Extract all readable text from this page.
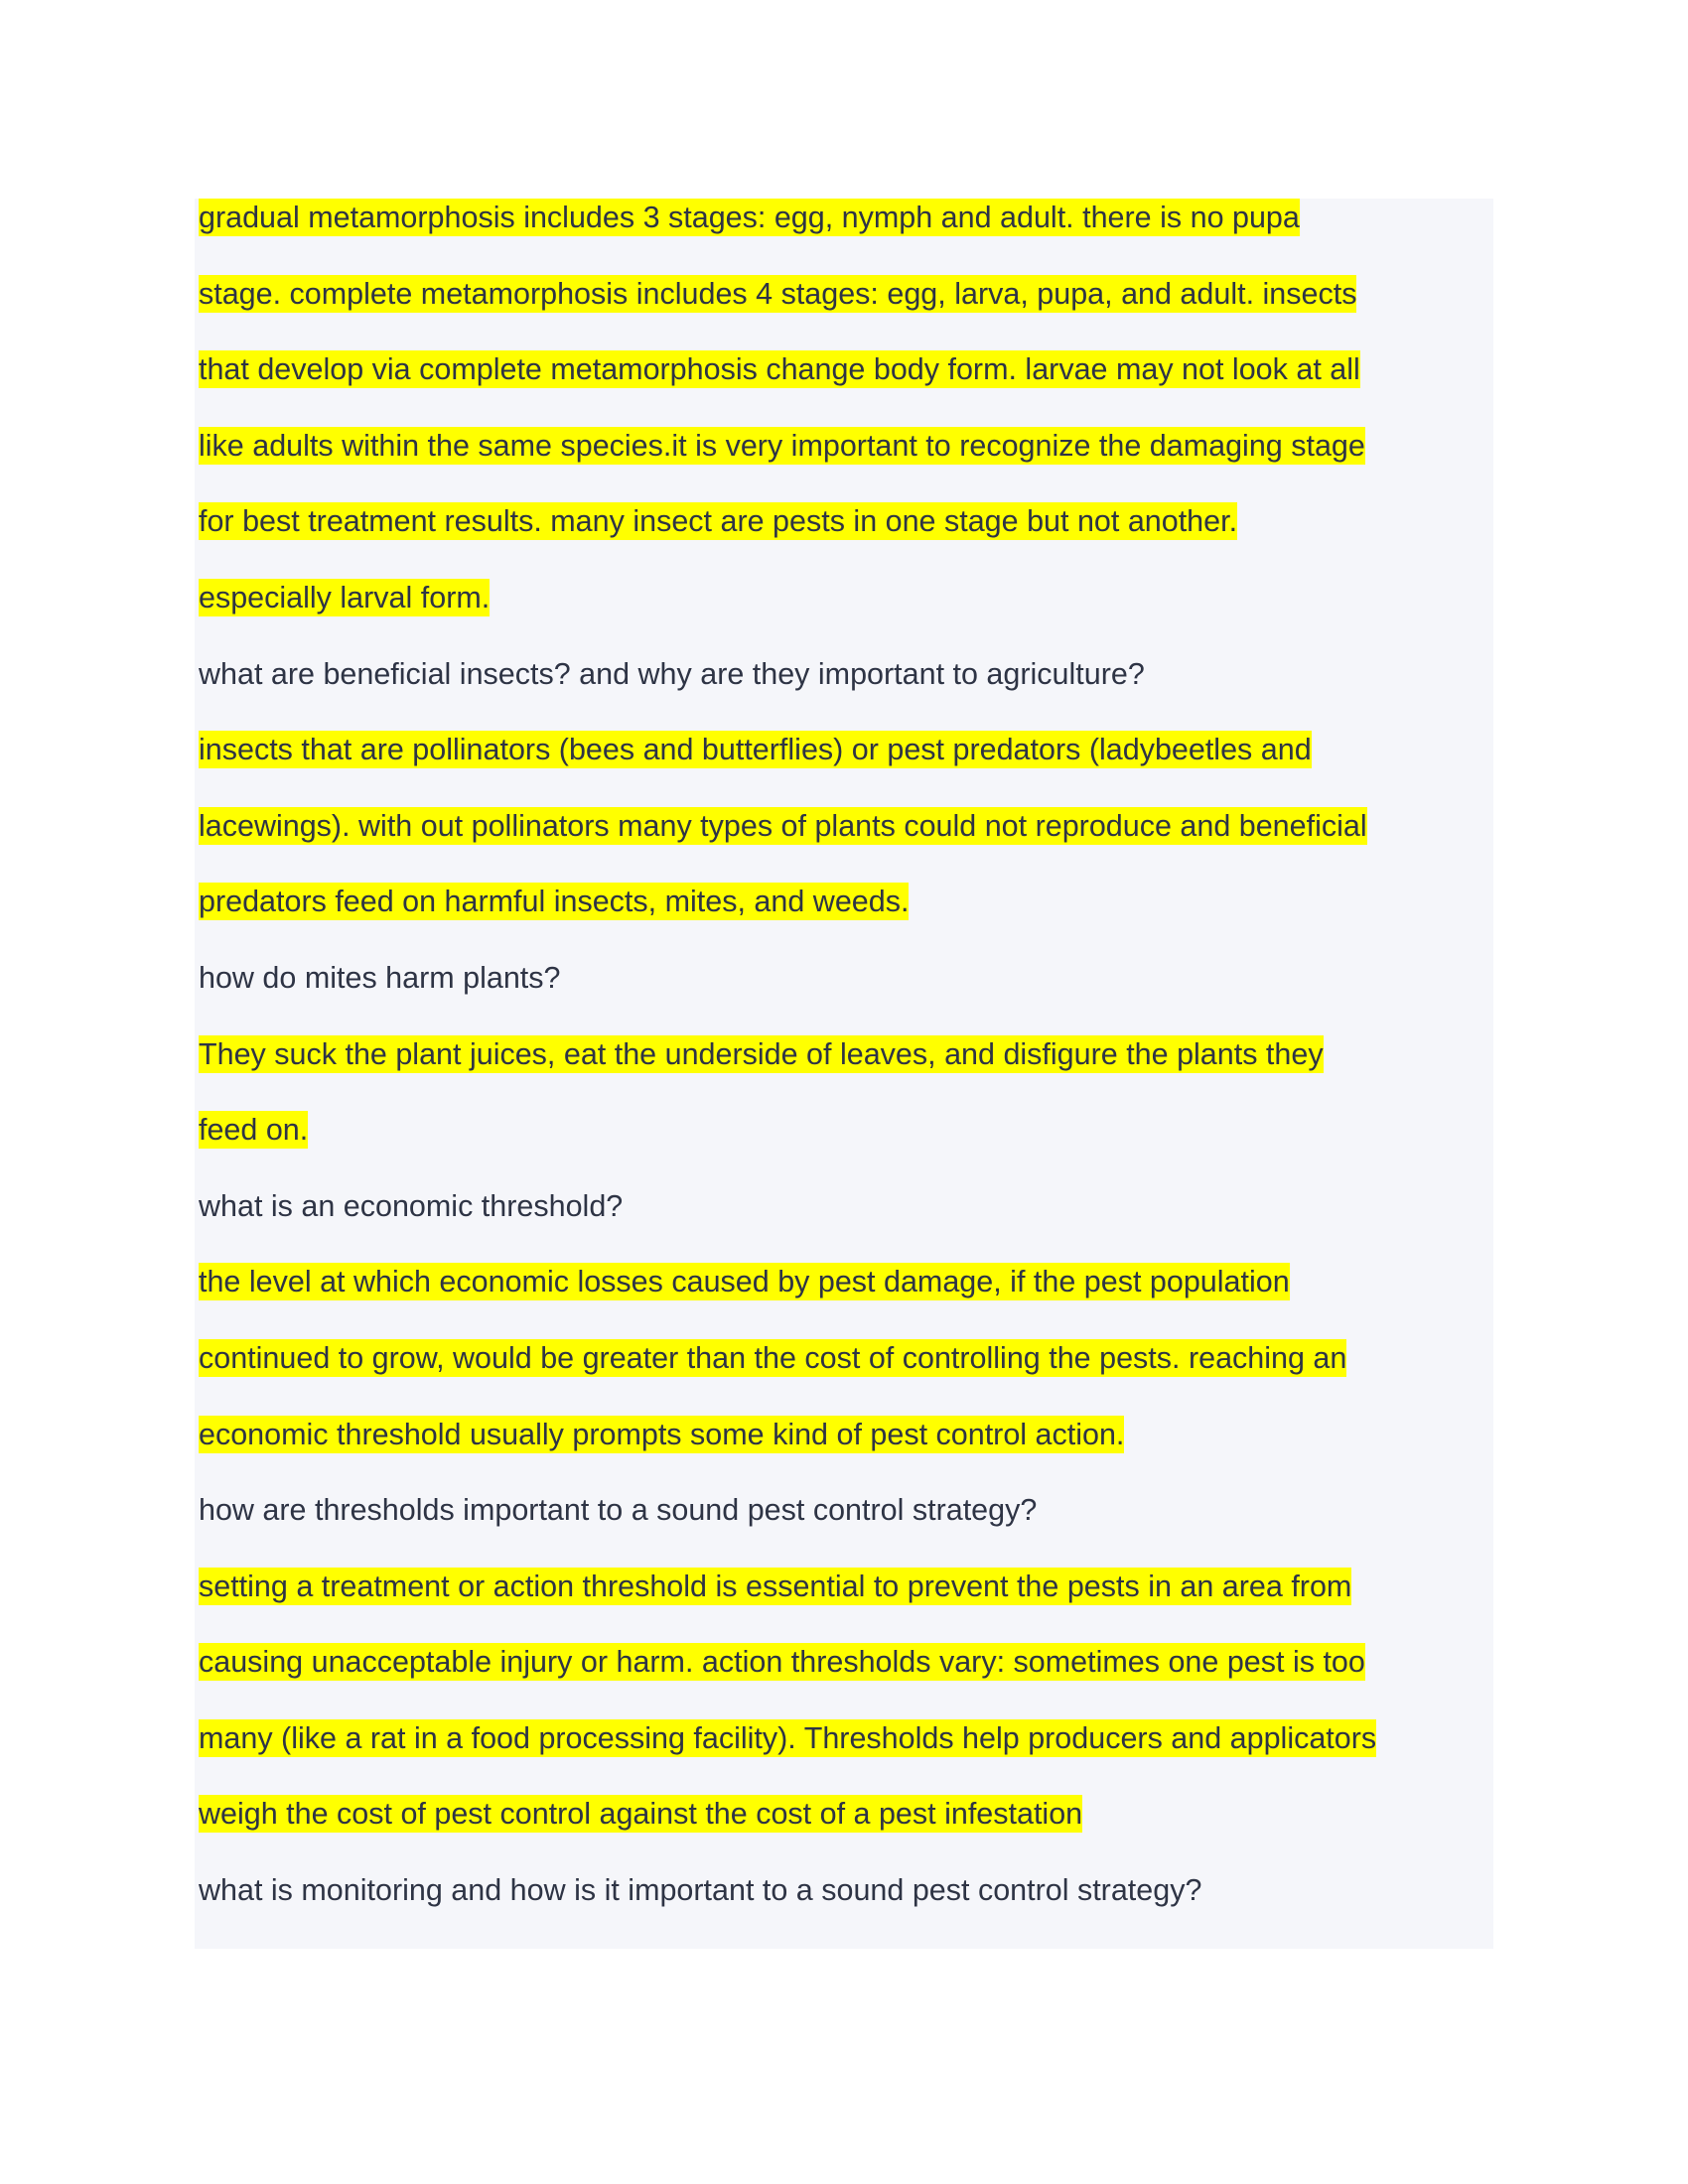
gradual metamorphosis includes 3 stages: egg, nymph and adult. there is no pupa
stage. complete metamorphosis includes 4 stages: egg, larva, pupa, and adult. insects
that develop via complete metamorphosis change body form. larvae may not look at all
like adults within the same species.it is very important to recognize the damaging stage
for best treatment results. many insect are pests in one stage but not another.
especially larval form.
what are beneficial insects? and why are they important to agriculture?
insects that are pollinators (bees and butterflies) or pest predators (ladybeetles and
lacewings). with out pollinators many types of plants could not reproduce and beneficial
predators feed on harmful insects, mites, and weeds.
how do mites harm plants?
They suck the plant juices, eat the underside of leaves, and disfigure the plants they
feed on.
what is an economic threshold?
the level at which economic losses caused by pest damage, if the pest population
continued to grow, would be greater than the cost of controlling the pests. reaching an
economic threshold usually prompts some kind of pest control action.
how are thresholds important to a sound pest control strategy?
setting a treatment or action threshold is essential to prevent the pests in an area from
causing unacceptable injury or harm. action thresholds vary: sometimes one pest is too
many (like a rat in a food processing facility). Thresholds help producers and applicators
weigh the cost of pest control against the cost of a pest infestation
what is monitoring and how is it important to a sound pest control strategy?
